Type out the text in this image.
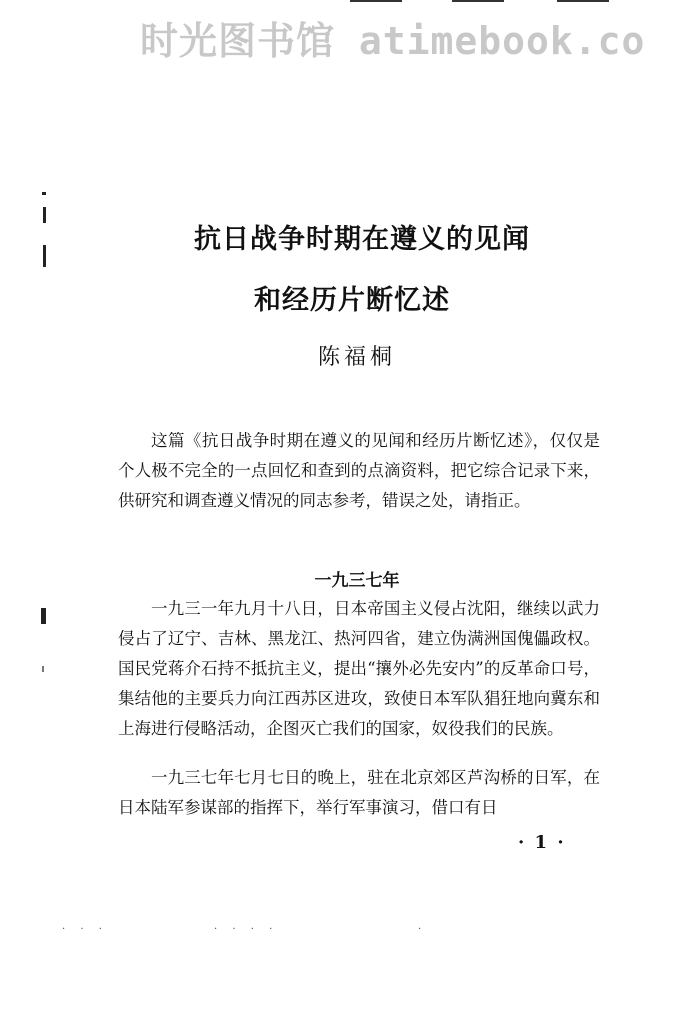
时光图书馆 atimebook.co
抗日战争时期在遵义的见闻
和经历片断忆述
陈福桐
这篇《抗日战争时期在遵义的见闻和经历片断忆述》，仅仅是个人极不完全的一点回忆和查到的点滴资料，把它综合记录下来，供研究和调查遵义情况的同志参考，错误之处，请指正。
一九三七年
一九三一年九月十八日，日本帝国主义侵占沈阳，继续以武力侵占了辽宁、吉林、黑龙江、热河四省，建立伪满洲国傀儡政权。国民党蒋介石持不抵抗主义，提出“攘外必先安内”的反革命口号，集结他的主要兵力向江西苏区进攻，致使日本军队猖狂地向冀东和上海进行侵略活动，企图灭亡我们的国家，奴役我们的民族。
一九三七年七月七日的晚上，驻在北京郊区芦沟桥的日军，在日本陆军参谋部的指挥下，举行军事演习，借口有日
· 1 ·
· · ·	· · · ·	·
